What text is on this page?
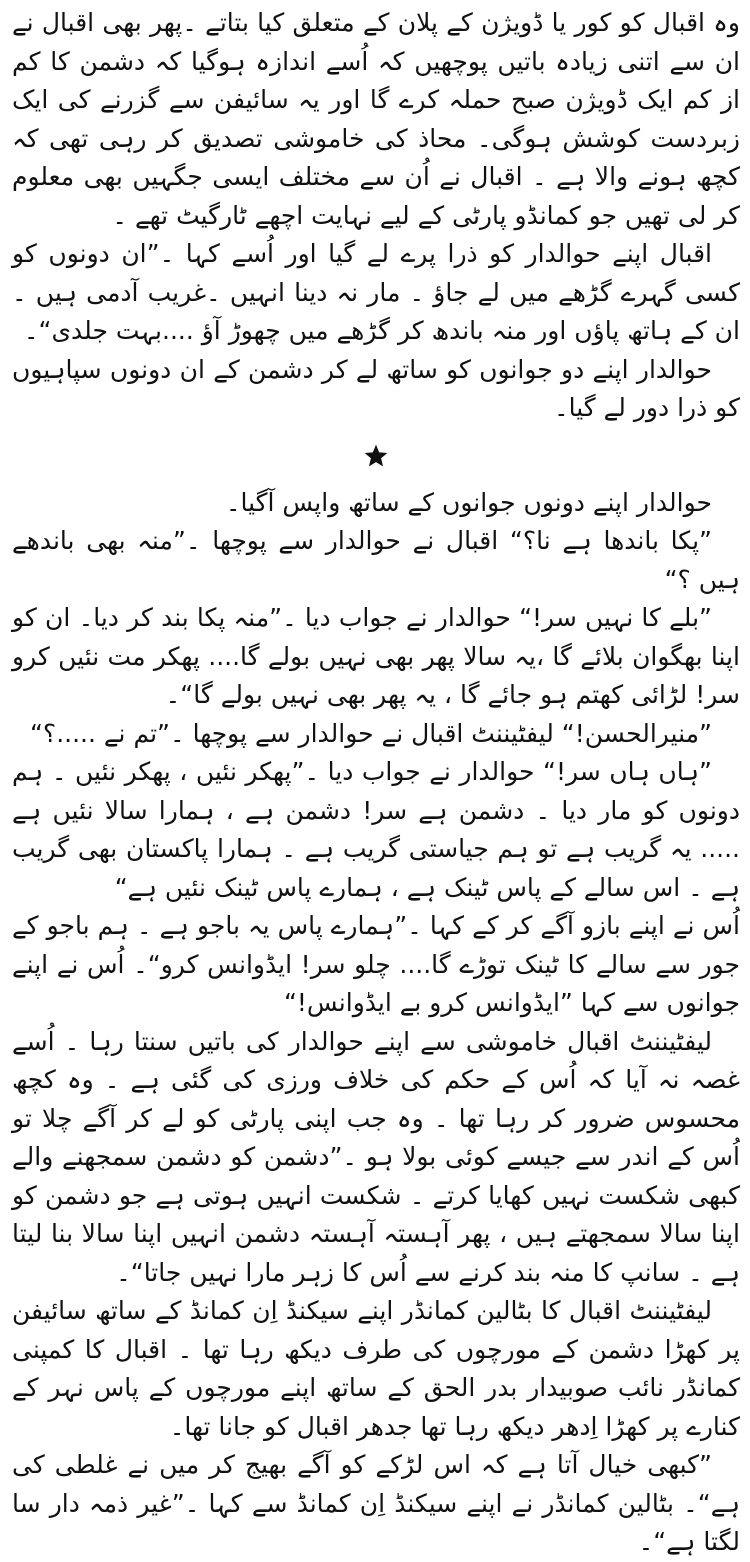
وہ اقبال کو کور یا ڈویژن کے پلان کے متعلق کیا بتاتے ۔پھر بھی اقبال نے ان سے اتنی زیادہ باتیں پوچھیں کہ اُسے اندازہ ہوگیا کہ دشمن کا کم از کم ایک ڈویژن صبح حملہ کرے گا اور یہ سائیفن سے گزرنے کی ایک زبردست کوشش ہوگی۔ محاذ کی خاموشی تصدیق کر رہی تھی کہ کچھ ہونے والا ہے ۔ اقبال نے اُن سے مختلف ایسی جگہیں بھی معلوم کر لی تھیں جو کمانڈو پارٹی کے لیے نہایت اچھے ٹارگیٹ تھے ۔

اقبال اپنے حوالدار کو ذرا پرے لے گیا اور اُسے کہا ۔”ان دونوں کو کسی گہرے گڑھے میں لے جاؤ ۔ مار نہ دینا انہیں ۔غریب آدمی ہیں ۔ ان کے ہاتھ پاؤں اور منہ باندھ کر گڑھے میں چھوڑ آؤ ....بہت جلدی“۔

حوالدار اپنے دو جوانوں کو ساتھ لے کر دشمن کے ان دونوں سپاہیوں کو ذرا دور لے گیا۔

حوالدار اپنے دونوں جوانوں کے ساتھ واپس آگیا۔

”پکا باندھا ہے نا؟“ اقبال نے حوالدار سے پوچھا ۔”منہ بھی باندھے ہیں ؟“

”بلے کا نہیں سر!“ حوالدار نے جواب دیا ۔”منہ پکا بند کر دیا۔ ان کو اپنا بھگوان بلائے گا ،یہ سالا پھر بھی نہیں بولے گا.... پھکر مت نئیں کرو سر! لڑائی کھتم ہو جائے گا ، یہ پھر بھی نہیں بولے گا“۔

”منیرالحسن!“ لیفٹیننٹ اقبال نے حوالدار سے پوچھا ۔”تم نے .....؟“

”ہاں ہاں سر!“ حوالدار نے جواب دیا ۔”پھکر نئیں ، پھکر نئیں ۔ ہم دونوں کو مار دیا ۔ دشمن ہے سر! دشمن ہے ، ہمارا سالا نئیں ہے ..... یہ گریب ہے تو ہم جیاستی گریب ہے ۔ ہمارا پاکستان بھی گریب ہے ۔ اس سالے کے پاس ٹینک ہے ، ہمارے پاس ٹینک نئیں ہے“

اُس نے اپنے بازو آگے کر کے کہا ۔”ہمارے پاس یہ باجو ہے ۔ ہم باجو کے جور سے سالے کا ٹینک توڑے گا.... چلو سر! ایڈوانس کرو“۔ اُس نے اپنے جوانوں سے کہا ”ایڈوانس کرو بے ایڈوانس!“

لیفٹیننٹ اقبال خاموشی سے اپنے حوالدار کی باتیں سنتا رہا ۔ اُسے غصہ نہ آیا کہ اُس کے حکم کی خلاف ورزی کی گئی ہے ۔ وہ کچھ محسوس ضرور کر رہا تھا ۔ وہ جب اپنی پارٹی کو لے کر آگے چلا تو اُس کے اندر سے جیسے کوئی بولا ہو ۔”دشمن کو دشمن سمجھنے والے کبھی شکست نہیں کھایا کرتے ۔ شکست انہیں ہوتی ہے جو دشمن کو اپنا سالا سمجھتے ہیں ، پھر آہستہ آہستہ دشمن انہیں اپنا سالا بنا لیتا ہے ۔ سانپ کا منہ بند کرنے سے اُس کا زہر مارا نہیں جاتا“۔

لیفٹیننٹ اقبال کا بٹالین کمانڈر اپنے سیکنڈ اِن کمانڈ کے ساتھ سائیفن پر کھڑا دشمن کے مورچوں کی طرف دیکھ رہا تھا ۔ اقبال کا کمپنی کمانڈر نائب صوبیدار بدر الحق کے ساتھ اپنے مورچوں کے پاس نہر کے کنارے پر کھڑا اِدھر دیکھ رہا تھا جدھر اقبال کو جانا تھا۔

”کبھی خیال آتا ہے کہ اس لڑکے کو آگے بھیج کر میں نے غلطی کی ہے“۔ بٹالین کمانڈر نے اپنے سیکنڈ اِن کمانڈ سے کہا ۔”غیر ذمہ دار سا لگتا ہے“۔
